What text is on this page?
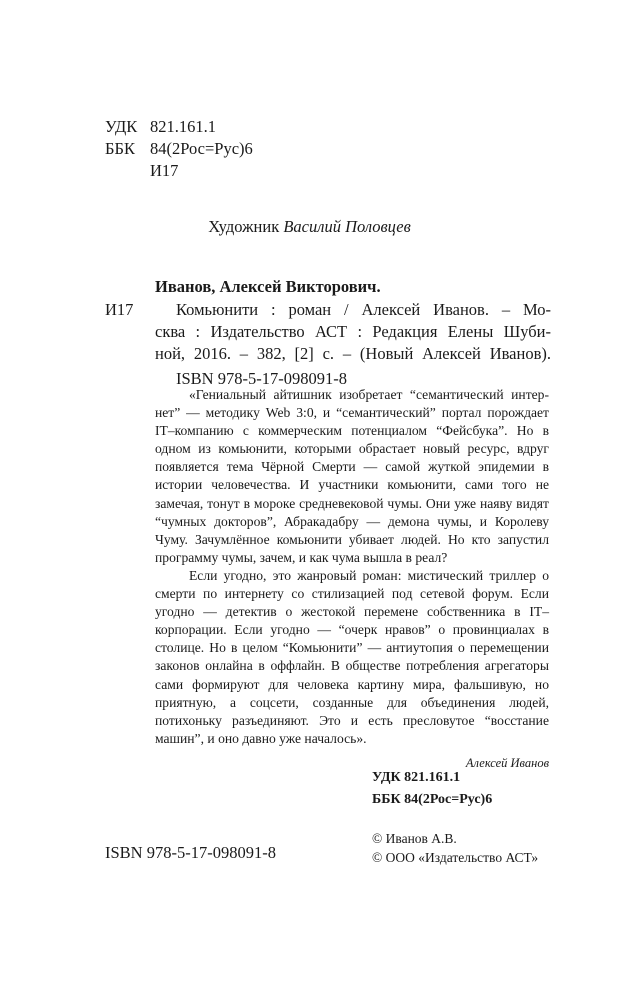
УДК 821.161.1
ББК 84(2Рос=Рус)6
И17
Художник Василий Половцев
Иванов, Алексей Викторович.
И17	Комьюнити : роман / Алексей Иванов. – Мо-
сква : Издательство АСТ : Редакция Елены Шуби-
ной, 2016. – 382, [2] с. – (Новый Алексей Иванов).
ISBN 978-5-17-098091-8

«Гениальный айтишник изобретает “семантический интер-нет” — методику Web 3:0, и “семантический” портал порождает IT–компанию с коммерческим потенциалом “Фейсбука”. Но в одном из комьюнити, которыми обрастает новый ресурс, вдруг появляется тема Чёрной Смерти — самой жуткой эпидемии в истории человечества. И участники комьюнити, сами того не замечая, тонут в мороке средневековой чумы. Они уже наяву видят “чумных докторов”, Абракадабру — демона чумы, и Королеву Чуму. Зачумлённое комьюнити убивает людей. Но кто запустил программу чумы, зачем, и как чума вышла в реал?

Если угодно, это жанровый роман: мистический триллер о смерти по интернету со стилизацией под сетевой форум. Если угодно — детектив о жестокой перемене собственника в IT–корпорации. Если угодно — “очерк нравов” о провинциалах в столице. Но в целом “Комьюнити” — антиутопия о перемещении законов онлайна в оффлайн. В обществе потребления агрегаторы сами формируют для человека картину мира, фальшивую, но приятную, а соцсети, созданные для объединения людей, потихоньку разъединяют. Это и есть пресловутое “восстание машин”, и оно давно уже началось».

Алексей Иванов

УДК 821.161.1
ББК 84(2Рос=Рус)6
ISBN 978-5-17-098091-8
© Иванов А.В.
© ООО «Издательство АСТ»
